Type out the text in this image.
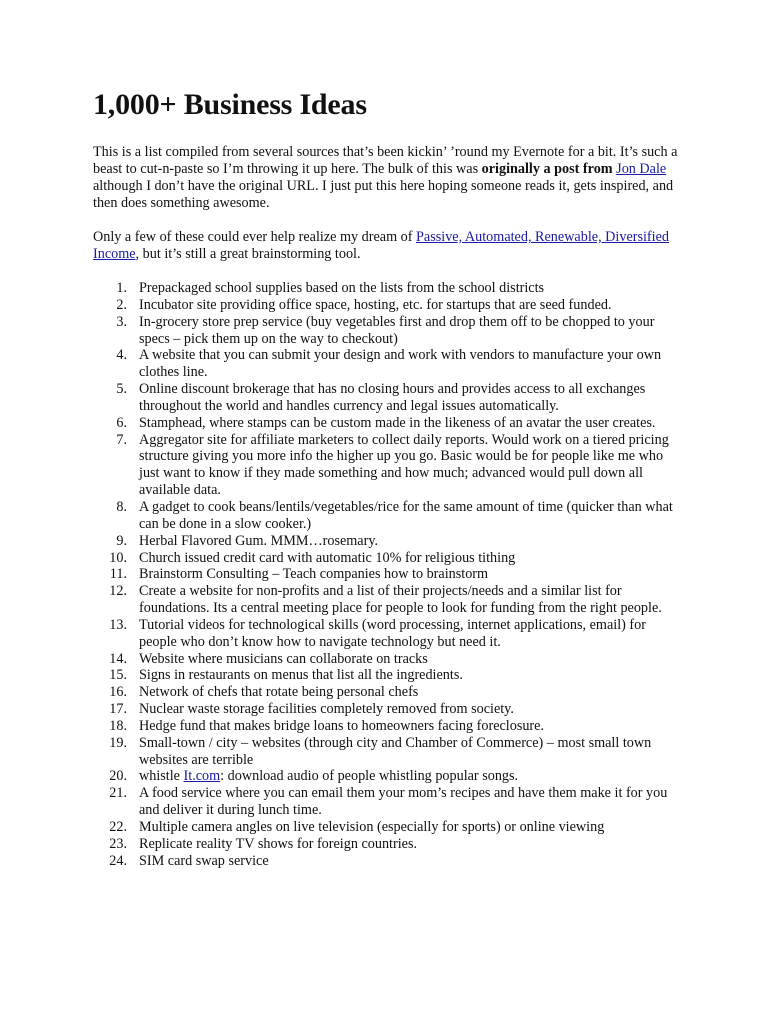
1,000+ Business Ideas

This is a list compiled from several sources that’s been kickin’ ’round my Evernote for a bit. It’s such a beast to cut-n-paste so I’m throwing it up here. The bulk of this was originally a post from Jon Dale although I don’t have the original URL. I just put this here hoping someone reads it, gets inspired, and then does something awesome.

Only a few of these could ever help realize my dream of Passive, Automated, Renewable, Diversified Income, but it’s still a great brainstorming tool.

1. Prepackaged school supplies based on the lists from the school districts
2. Incubator site providing office space, hosting, etc. for startups that are seed funded.
3. In-grocery store prep service (buy vegetables first and drop them off to be chopped to your specs – pick them up on the way to checkout)
4. A website that you can submit your design and work with vendors to manufacture your own clothes line.
5. Online discount brokerage that has no closing hours and provides access to all exchanges throughout the world and handles currency and legal issues automatically.
6. Stamphead, where stamps can be custom made in the likeness of an avatar the user creates.
7. Aggregator site for affiliate marketers to collect daily reports. Would work on a tiered pricing structure giving you more info the higher up you go. Basic would be for people like me who just want to know if they made something and how much; advanced would pull down all available data.
8. A gadget to cook beans/lentils/vegetables/rice for the same amount of time (quicker than what can be done in a slow cooker.)
9. Herbal Flavored Gum. MMM…rosemary.
10. Church issued credit card with automatic 10% for religious tithing
11. Brainstorm Consulting – Teach companies how to brainstorm
12. Create a website for non-profits and a list of their projects/needs and a similar list for foundations. Its a central meeting place for people to look for funding from the right people.
13. Tutorial videos for technological skills (word processing, internet applications, email) for people who don’t know how to navigate technology but need it.
14. Website where musicians can collaborate on tracks
15. Signs in restaurants on menus that list all the ingredients.
16. Network of chefs that rotate being personal chefs
17. Nuclear waste storage facilities completely removed from society.
18. Hedge fund that makes bridge loans to homeowners facing foreclosure.
19. Small-town / city – websites (through city and Chamber of Commerce) – most small town websites are terrible
20. whistle It.com: download audio of people whistling popular songs.
21. A food service where you can email them your mom’s recipes and have them make it for you and deliver it during lunch time.
22. Multiple camera angles on live television (especially for sports) or online viewing
23. Replicate reality TV shows for foreign countries.
24. SIM card swap service
